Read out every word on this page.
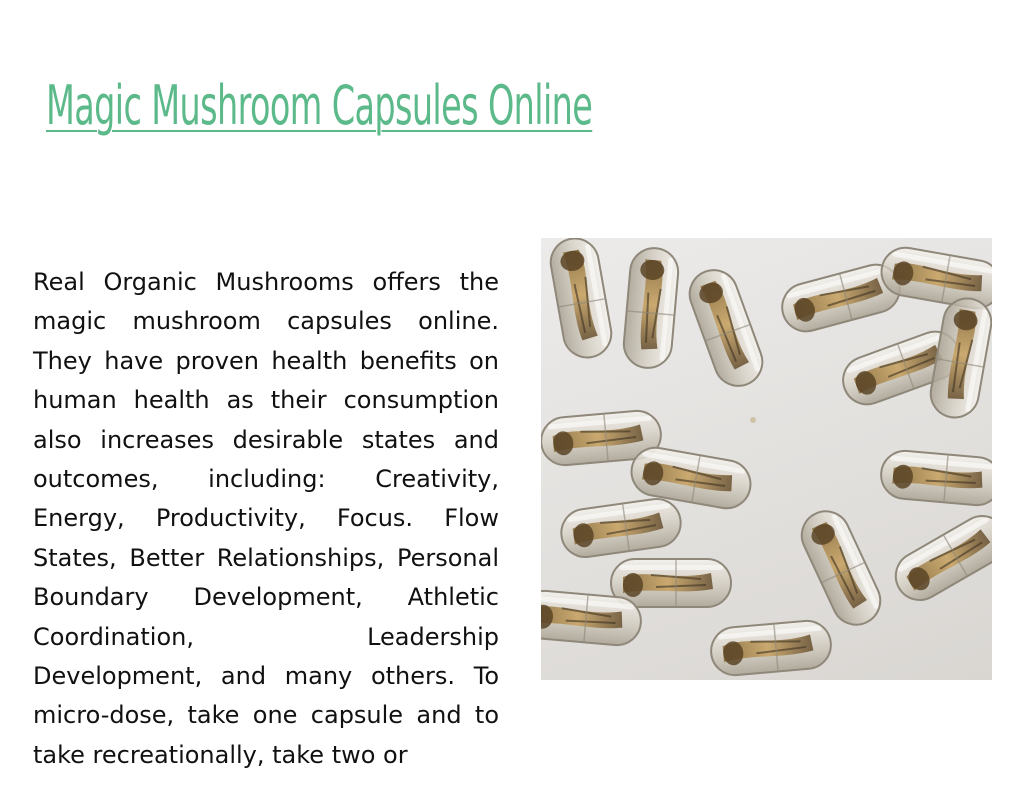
Magic Mushroom Capsules Online

Real Organic Mushrooms offers the magic mushroom capsules online. They have proven health benefits on human health as their consumption also increases desirable states and outcomes, including: Creativity, Energy, Productivity, Focus. Flow States, Better Relationships, Personal Boundary Development, Athletic Coordination, Leadership Development, and many others. To micro-dose, take one capsule and to take recreationally, take two or
